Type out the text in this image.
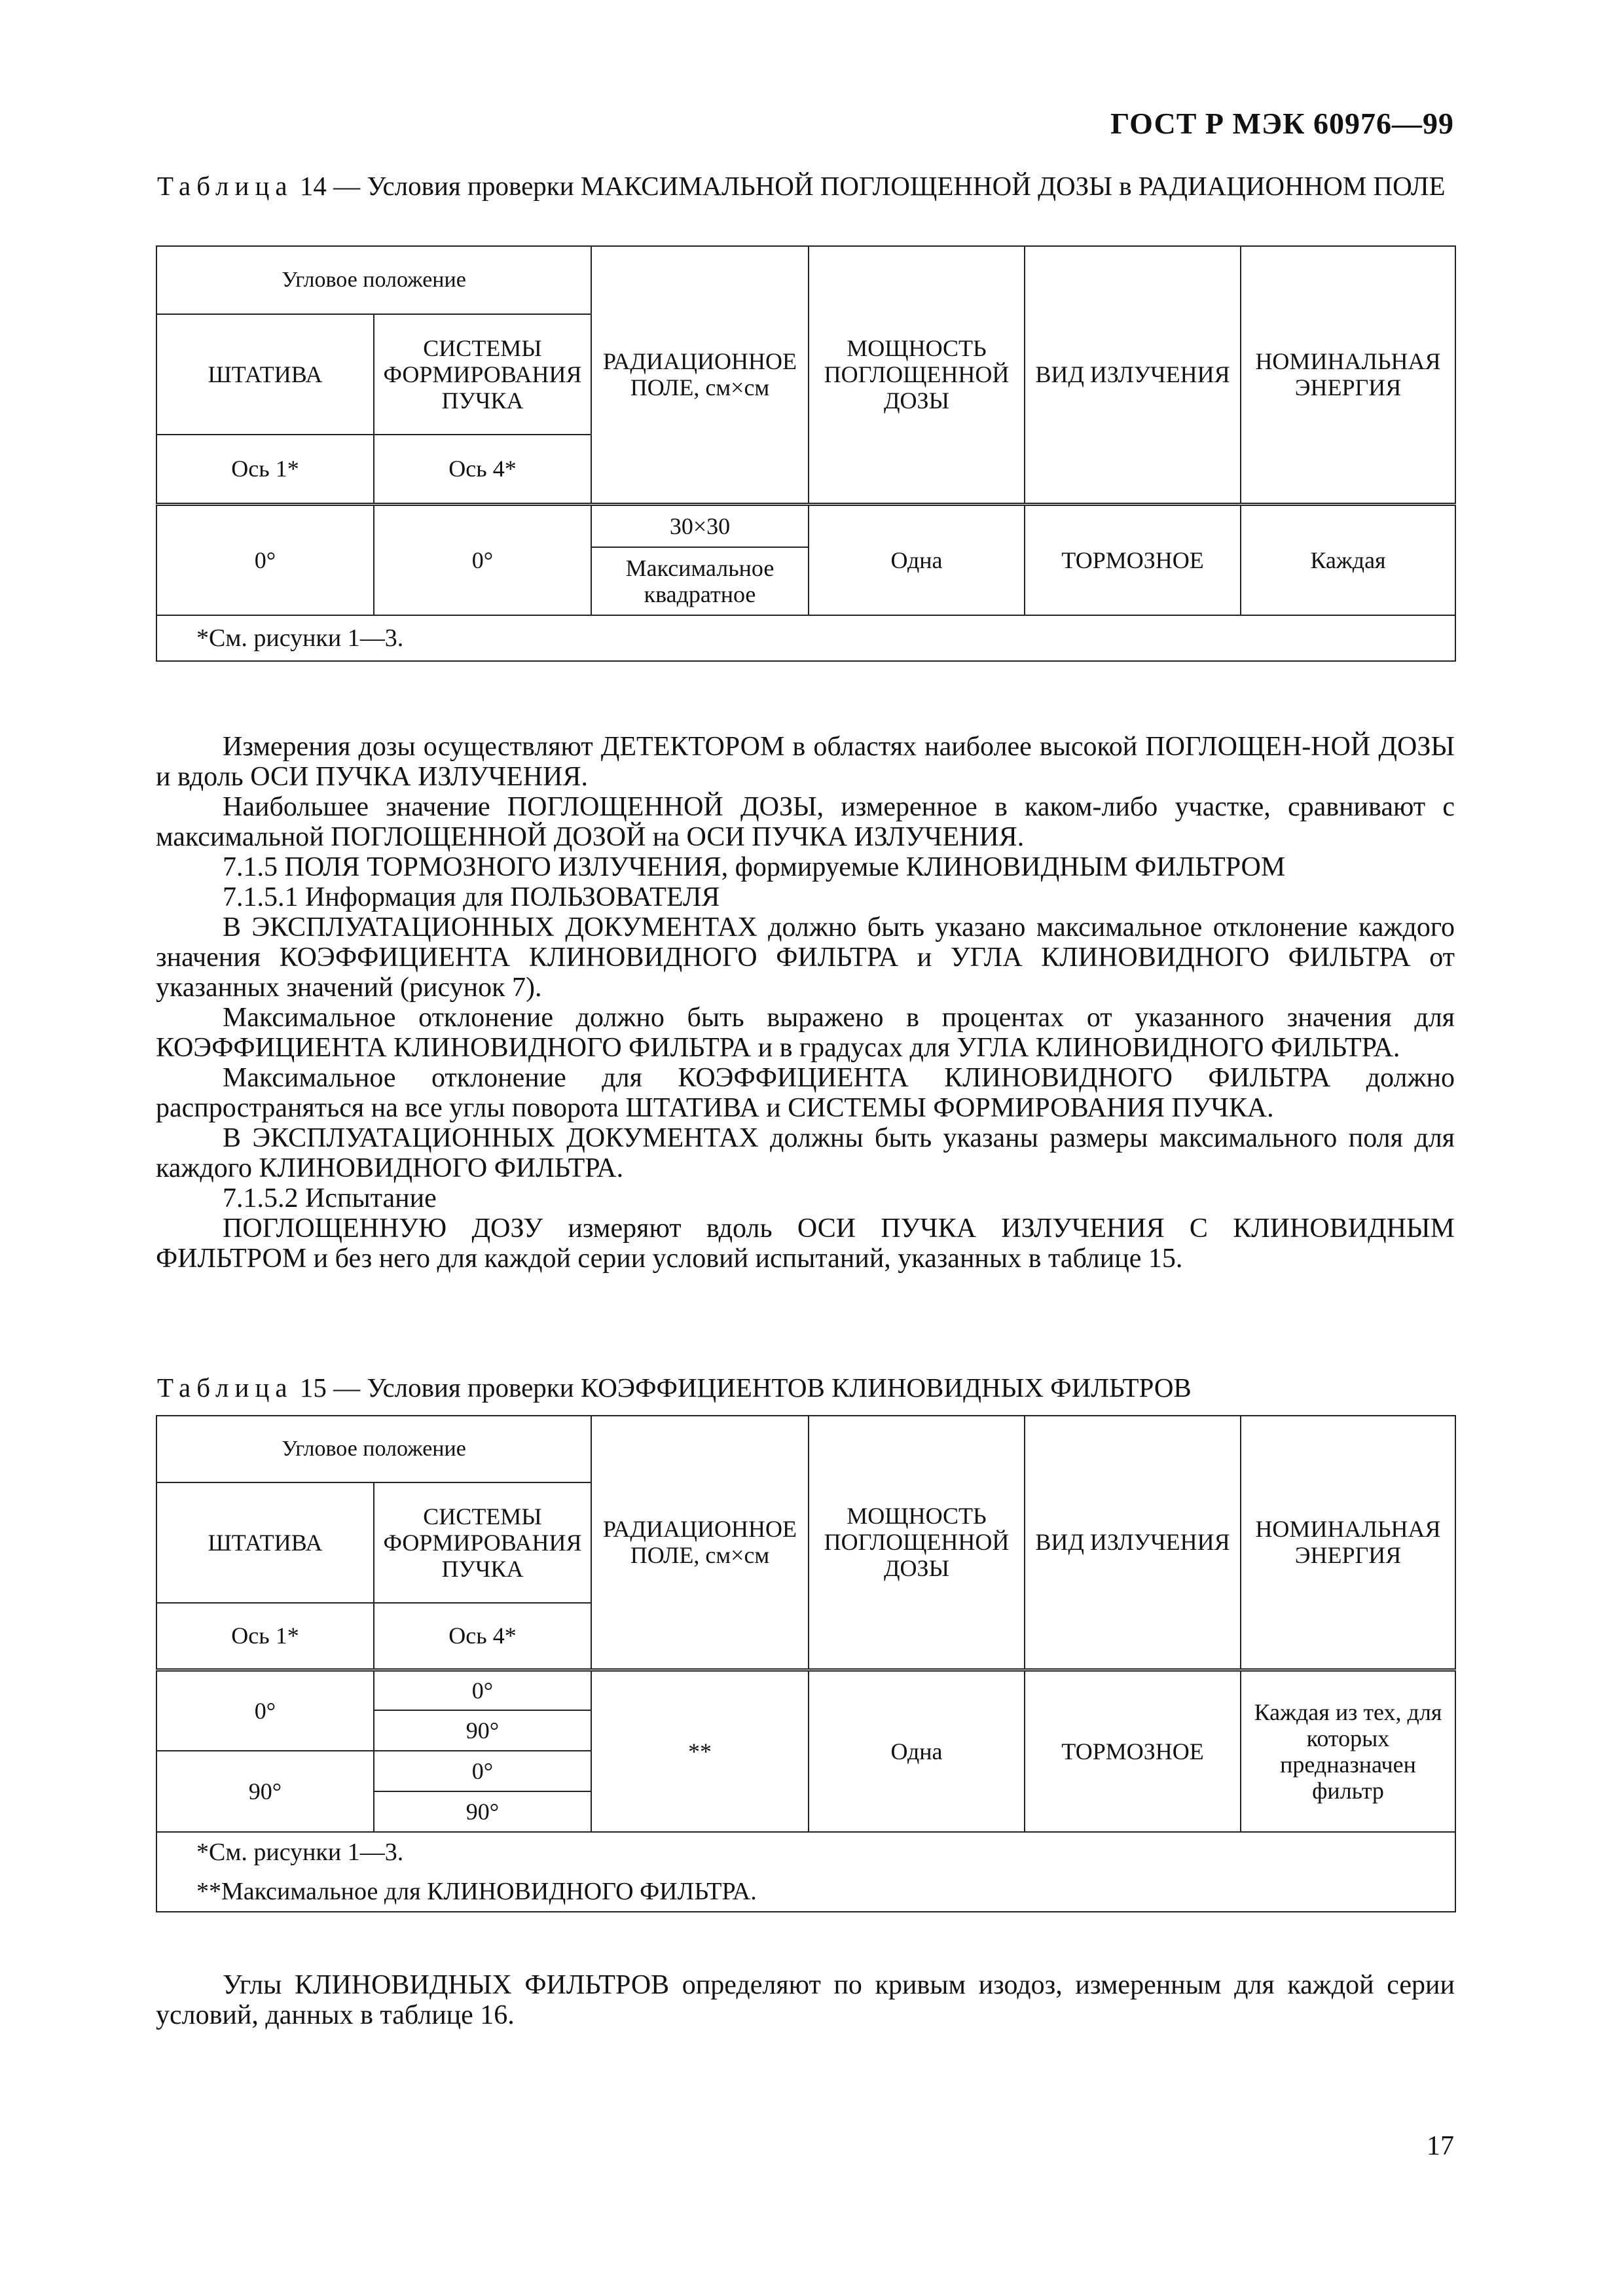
ГОСТ Р МЭК 60976—99
Таблица 14 — Условия проверки МАКСИМАЛЬНОЙ ПОГЛОЩЕННОЙ ДОЗЫ в РАДИАЦИОННОМ ПОЛЕ
Угловое положение		РАДИАЦИОННОЕ ПОЛЕ, см×см	МОЩНОСТЬ ПОГЛОЩЕННОЙ ДОЗЫ	ВИД ИЗЛУЧЕНИЯ	НОМИНАЛЬНАЯ ЭНЕРГИЯ
ШТАТИВА	СИСТЕМЫ ФОРМИРОВАНИЯ ПУЧКА				
Ось 1*	Ось 4*				
0°	0°	30×30	Одна	ТОРМОЗНОЕ	Каждая
		Максимальное квадратное			
*См. рисунки 1—3.					

Измерения дозы осуществляют ДЕТЕКТОРОМ в областях наиболее высокой ПОГЛОЩЕН-НОЙ ДОЗЫ и вдоль ОСИ ПУЧКА ИЗЛУЧЕНИЯ.

Наибольшее значение ПОГЛОЩЕННОЙ ДОЗЫ, измеренное в каком-либо участке, сравнивают с максимальной ПОГЛОЩЕННОЙ ДОЗОЙ на ОСИ ПУЧКА ИЗЛУЧЕНИЯ.

7.1.5 ПОЛЯ ТОРМОЗНОГО ИЗЛУЧЕНИЯ, формируемые КЛИНОВИДНЫМ ФИЛЬТРОМ

7.1.5.1 Информация для ПОЛЬЗОВАТЕЛЯ

В ЭКСПЛУАТАЦИОННЫХ ДОКУМЕНТАХ должно быть указано максимальное отклонение каждого значения КОЭФФИЦИЕНТА КЛИНОВИДНОГО ФИЛЬТРА и УГЛА КЛИНОВИДНОГО ФИЛЬТРА от указанных значений (рисунок 7).

Максимальное отклонение должно быть выражено в процентах от указанного значения для КОЭФФИЦИЕНТА КЛИНОВИДНОГО ФИЛЬТРА и в градусах для УГЛА КЛИНОВИДНОГО ФИЛЬТРА.

Максимальное отклонение для КОЭФФИЦИЕНТА КЛИНОВИДНОГО ФИЛЬТРА должно распространяться на все углы поворота ШТАТИВА и СИСТЕМЫ ФОРМИРОВАНИЯ ПУЧКА.

В ЭКСПЛУАТАЦИОННЫХ ДОКУМЕНТАХ должны быть указаны размеры максимального поля для каждого КЛИНОВИДНОГО ФИЛЬТРА.

7.1.5.2 Испытание

ПОГЛОЩЕННУЮ ДОЗУ измеряют вдоль ОСИ ПУЧКА ИЗЛУЧЕНИЯ С КЛИНОВИДНЫМ ФИЛЬТРОМ и без него для каждой серии условий испытаний, указанных в таблице 15.

Таблица 15 — Условия проверки КОЭФФИЦИЕНТОВ КЛИНОВИДНЫХ ФИЛЬТРОВ
Угловое положение		РАДИАЦИОННОЕ ПОЛЕ, см×см	МОЩНОСТЬ ПОГЛОЩЕННОЙ ДОЗЫ	ВИД ИЗЛУЧЕНИЯ	НОМИНАЛЬНАЯ ЭНЕРГИЯ
ШТАТИВА	СИСТЕМЫ ФОРМИРОВАНИЯ ПУЧКА				
Ось 1*	Ось 4*				
0°	0°	**	Одна	ТОРМОЗНОЕ	Каждая из тех, для которых предназначен фильтр
	90°				
90°	0°				
	90°				
*См. рисунки 1—3.					
**Максимальное для КЛИНОВИДНОГО ФИЛЬТРА.					

Углы КЛИНОВИДНЫХ ФИЛЬТРОВ определяют по кривым изодоз, измеренным для каждой серии условий, данных в таблице 16.

17
